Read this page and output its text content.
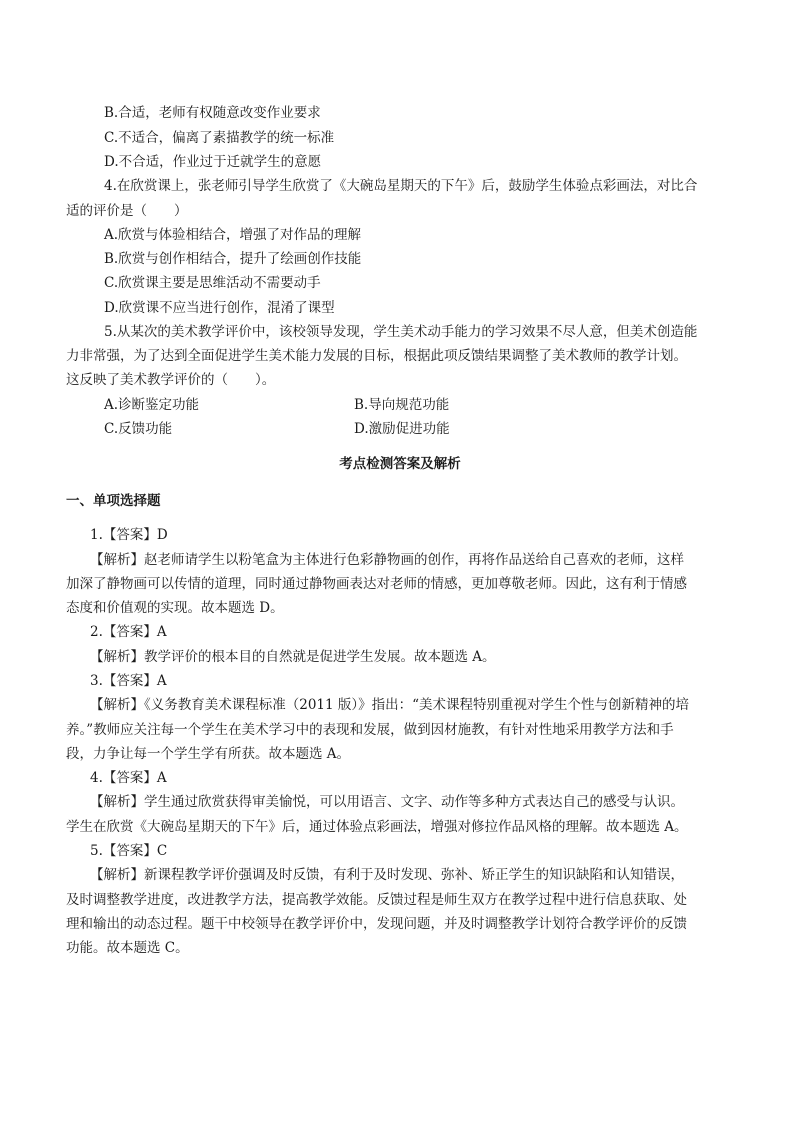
B.合适，老师有权随意改变作业要求
C.不适合，偏离了素描教学的统一标准
D.不合适，作业过于迁就学生的意愿
4.在欣赏课上，张老师引导学生欣赏了《大碗岛星期天的下午》后，鼓励学生体验点彩画法，对比合
适的评价是（　　）
A.欣赏与体验相结合，增强了对作品的理解
B.欣赏与创作相结合，提升了绘画创作技能
C.欣赏课主要是思维活动不需要动手
D.欣赏课不应当进行创作，混淆了课型
5.从某次的美术教学评价中，该校领导发现，学生美术动手能力的学习效果不尽人意，但美术创造能
力非常强，为了达到全面促进学生美术能力发展的目标，根据此项反馈结果调整了美术教师的教学计划。
这反映了美术教学评价的（　　）。
A.诊断鉴定功能	B.导向规范功能
C.反馈功能	D.激励促进功能
考点检测答案及解析
一、单项选择题
1.【答案】D
【解析】赵老师请学生以粉笔盒为主体进行色彩静物画的创作，再将作品送给自己喜欢的老师，这样
加深了静物画可以传情的道理，同时通过静物画表达对老师的情感，更加尊敬老师。因此，这有利于情感
态度和价值观的实现。故本题选 D。
2.【答案】A
【解析】教学评价的根本目的自然就是促进学生发展。故本题选 A。
3.【答案】A
【解析】《义务教育美术课程标准（2011 版）》指出：“美术课程特别重视对学生个性与创新精神的培
养。”教师应关注每一个学生在美术学习中的表现和发展，做到因材施教，有针对性地采用教学方法和手
段，力争让每一个学生学有所获。故本题选 A。
4.【答案】A
【解析】学生通过欣赏获得审美愉悦，可以用语言、文字、动作等多种方式表达自己的感受与认识。
学生在欣赏《大碗岛星期天的下午》后，通过体验点彩画法，增强对修拉作品风格的理解。故本题选 A。
5.【答案】C
【解析】新课程教学评价强调及时反馈，有利于及时发现、弥补、矫正学生的知识缺陷和认知错误，
及时调整教学进度，改进教学方法，提高教学效能。反馈过程是师生双方在教学过程中进行信息获取、处
理和输出的动态过程。题干中校领导在教学评价中，发现问题，并及时调整教学计划符合教学评价的反馈
功能。故本题选 C。
